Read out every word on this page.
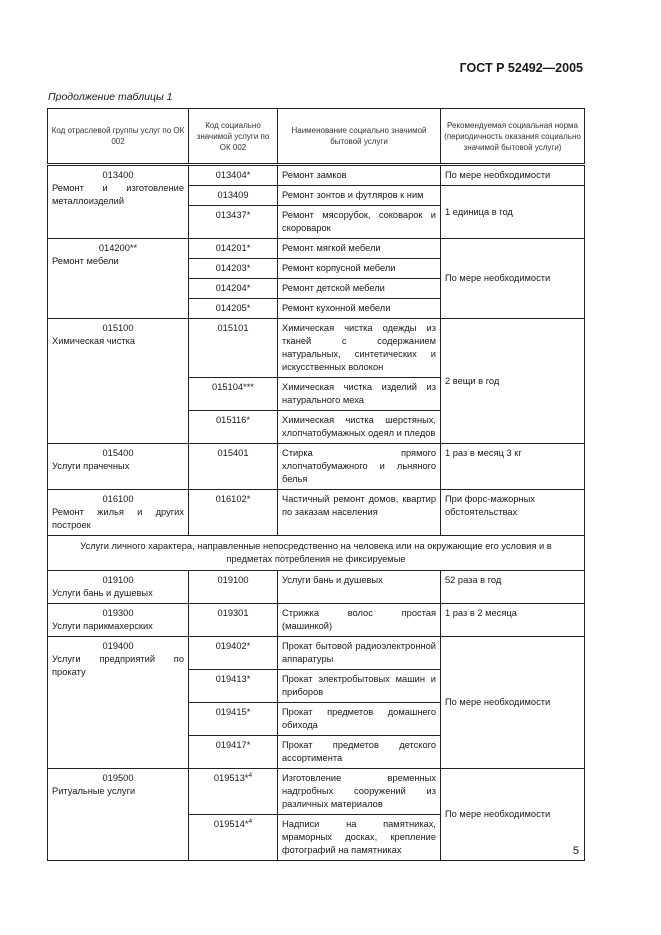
ГОСТ Р 52492—2005
Продолжение таблицы 1
Код отраслевой группы услуг по ОК 002	Код социально значимой услуги по ОК 002	Наименование социально значимой бытовой услуги	Рекомендуемая социальная норма (периодичность оказания социально значимой бытовой услуги)

013400
Ремонт и изготовление металлоизделий	013404*	Ремонт замков	По мере необходимости
	013409	Ремонт зонтов и футляров к ним	1 единица в год
	013437*	Ремонт мясорубок, соковарок и скороварок	

014200**
Ремонт мебели	014201*	Ремонт мягкой мебели	По мере необходимости
	014203*	Ремонт корпусной мебели	
	014204*	Ремонт детской мебели	
	014205*	Ремонт кухонной мебели	

015100
Химическая чистка	015101	Химическая чистка одежды из тканей с содержанием натуральных, синтетических и искусственных волокон	2 вещи в год
	015104***	Химическая чистка изделий из натурального меха	
	015116*	Химическая чистка шерстяных, хлопчатобумажных одеял и пледов	

015400
Услуги прачечных	015401	Стирка прямого хлопчатобумажного и льняного белья	1 раз в месяц 3 кг

016100
Ремонт жилья и других построек	016102*	Частичный ремонт домов, квартир по заказам населения	При форс-мажорных обстоятельствах
Услуги личного характера, направленные непосредственно на человека или на окружающие его условия и в предметах потребления не фиксируемые			

019100
Услуги бань и душевых	019100	Услуги бань и душевых	52 раза в год

019300
Услуги парикмахерских	019301	Стрижка волос простая (машинкой)	1 раз в 2 месяца

019400
Услуги предприятий по прокату	019402*	Прокат бытовой радиоэлектронной аппаратуры	По мере необходимости
	019413*	Прокат электробытовых машин и приборов	
	019415*	Прокат предметов домашнего обихода	
	019417*	Прокат предметов детского ассортимента	

019500
Ритуальные услуги	019513*$^4$	Изготовление временных надгробных сооружений из различных материалов	По мере необходимости
	019514*$^4$	Надписи на памятниках, мраморных досках, крепление фотографий на памятниках		5
